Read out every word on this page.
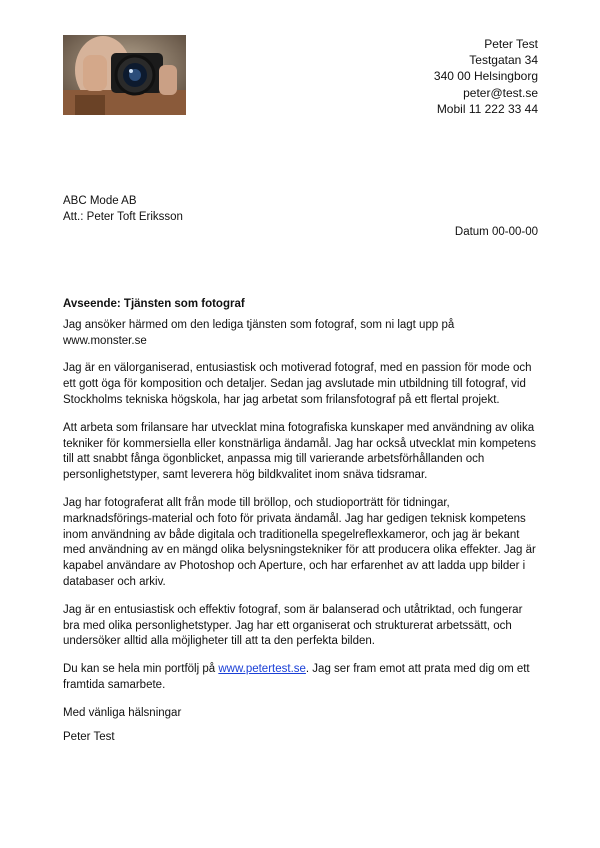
Peter Test
Testgatan 34
340 00 Helsingborg
peter@test.se
Mobil 11 222 33 44
ABC Mode AB
Att.: Peter Toft Eriksson
Datum 00-00-00
Avseende: Tjänsten som fotograf

Jag ansöker härmed om den lediga tjänsten som fotograf, som ni lagt upp på www.monster.se

Jag är en välorganiserad, entusiastisk och motiverad fotograf, med en passion för mode och ett gott öga för komposition och detaljer. Sedan jag avslutade min utbildning till fotograf, vid Stockholms tekniska högskola, har jag arbetat som frilansfotograf på ett flertal projekt.

Att arbeta som frilansare har utvecklat mina fotografiska kunskaper med användning av olika tekniker för kommersiella eller konstnärliga ändamål. Jag har också utvecklat min kompetens till att snabbt fånga ögonblicket, anpassa mig till varierande arbetsförhållanden och personlighetstyper, samt leverera hög bildkvalitet inom snäva tidsramar.

Jag har fotograferat allt från mode till bröllop, och studioporträtt för tidningar, marknadsförings-material och foto för privata ändamål. Jag har gedigen teknisk kompetens inom användning av både digitala och traditionella spegelreflexkameror, och jag är bekant med användning av en mängd olika belysningstekniker för att producera olika effekter. Jag är kapabel användare av Photoshop och Aperture, och har erfarenhet av att ladda upp bilder i databaser och arkiv.

Jag är en entusiastisk och effektiv fotograf, som är balanserad och utåtriktad, och fungerar bra med olika personlighetstyper. Jag har ett organiserat och strukturerat arbetssätt, och undersöker alltid alla möjligheter till att ta den perfekta bilden.

Du kan se hela min portfölj på www.petertest.se. Jag ser fram emot att prata med dig om ett framtida samarbete.

Med vänliga hälsningar

Peter Test
